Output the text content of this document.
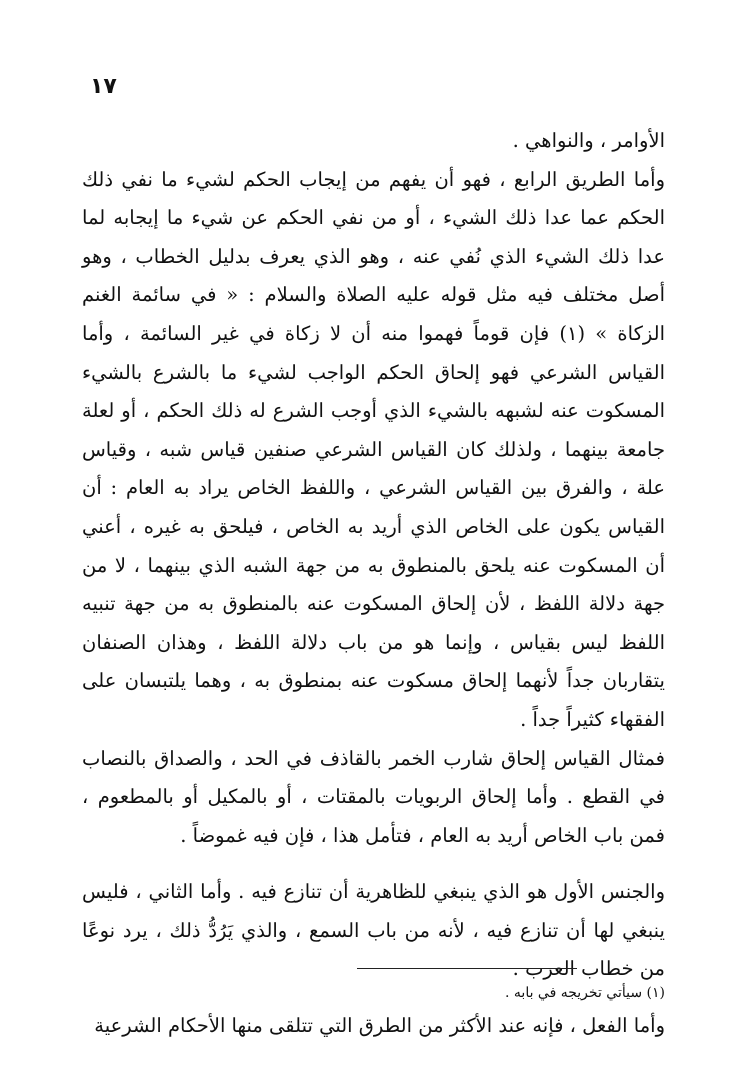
١٧

الأوامر ، والنواهي .

وأما الطريق الرابع ، فهو أن يفهم من إيجاب الحكم لشيء ما نفي ذلك الحكم عما عدا ذلك الشيء ، أو من نفي الحكم عن شيء ما إيجابه لما عدا ذلك الشيء الذي نُفي عنه ، وهو الذي يعرف بدليل الخطاب ، وهو أصل مختلف فيه مثل قوله عليه الصلاة والسلام : « في سائمة الغنم الزكاة » (١) فإن قوماً فهموا منه أن لا زكاة في غير السائمة ، وأما القياس الشرعي فهو إلحاق الحكم الواجب لشيء ما بالشرع بالشيء المسكوت عنه لشبهه بالشيء الذي أوجب الشرع له ذلك الحكم ، أو لعلة جامعة بينهما ، ولذلك كان القياس الشرعي صنفين قياس شبه ، وقياس علة ، والفرق بين القياس الشرعي ، واللفظ الخاص يراد به العام : أن القياس يكون على الخاص الذي أريد به الخاص ، فيلحق به غيره ، أعني أن المسكوت عنه يلحق بالمنطوق به من جهة الشبه الذي بينهما ، لا من جهة دلالة اللفظ ، لأن إلحاق المسكوت عنه بالمنطوق به من جهة تنبيه اللفظ ليس بقياس ، وإنما هو من باب دلالة اللفظ ، وهذان الصنفان يتقاربان جداً لأنهما إلحاق مسكوت عنه بمنطوق به ، وهما يلتبسان على الفقهاء كثيراً جداً .

فمثال القياس إلحاق شارب الخمر بالقاذف في الحد ، والصداق بالنصاب في القطع . وأما إلحاق الربويات بالمقتات ، أو بالمكيل أو بالمطعوم ، فمن باب الخاص أريد به العام ، فتأمل هذا ، فإن فيه غموضاً .

والجنس الأول هو الذي ينبغي للظاهرية أن تنازع فيه . وأما الثاني ، فليس ينبغي لها أن تنازع فيه ، لأنه من باب السمع ، والذي يَرُدُّ ذلك ، يرد نوعًا من خطاب العرب .

وأما الفعل ، فإنه عند الأكثر من الطرق التي تتلقى منها الأحكام الشرعية

(١) سيأتي تخريجه في بابه .
